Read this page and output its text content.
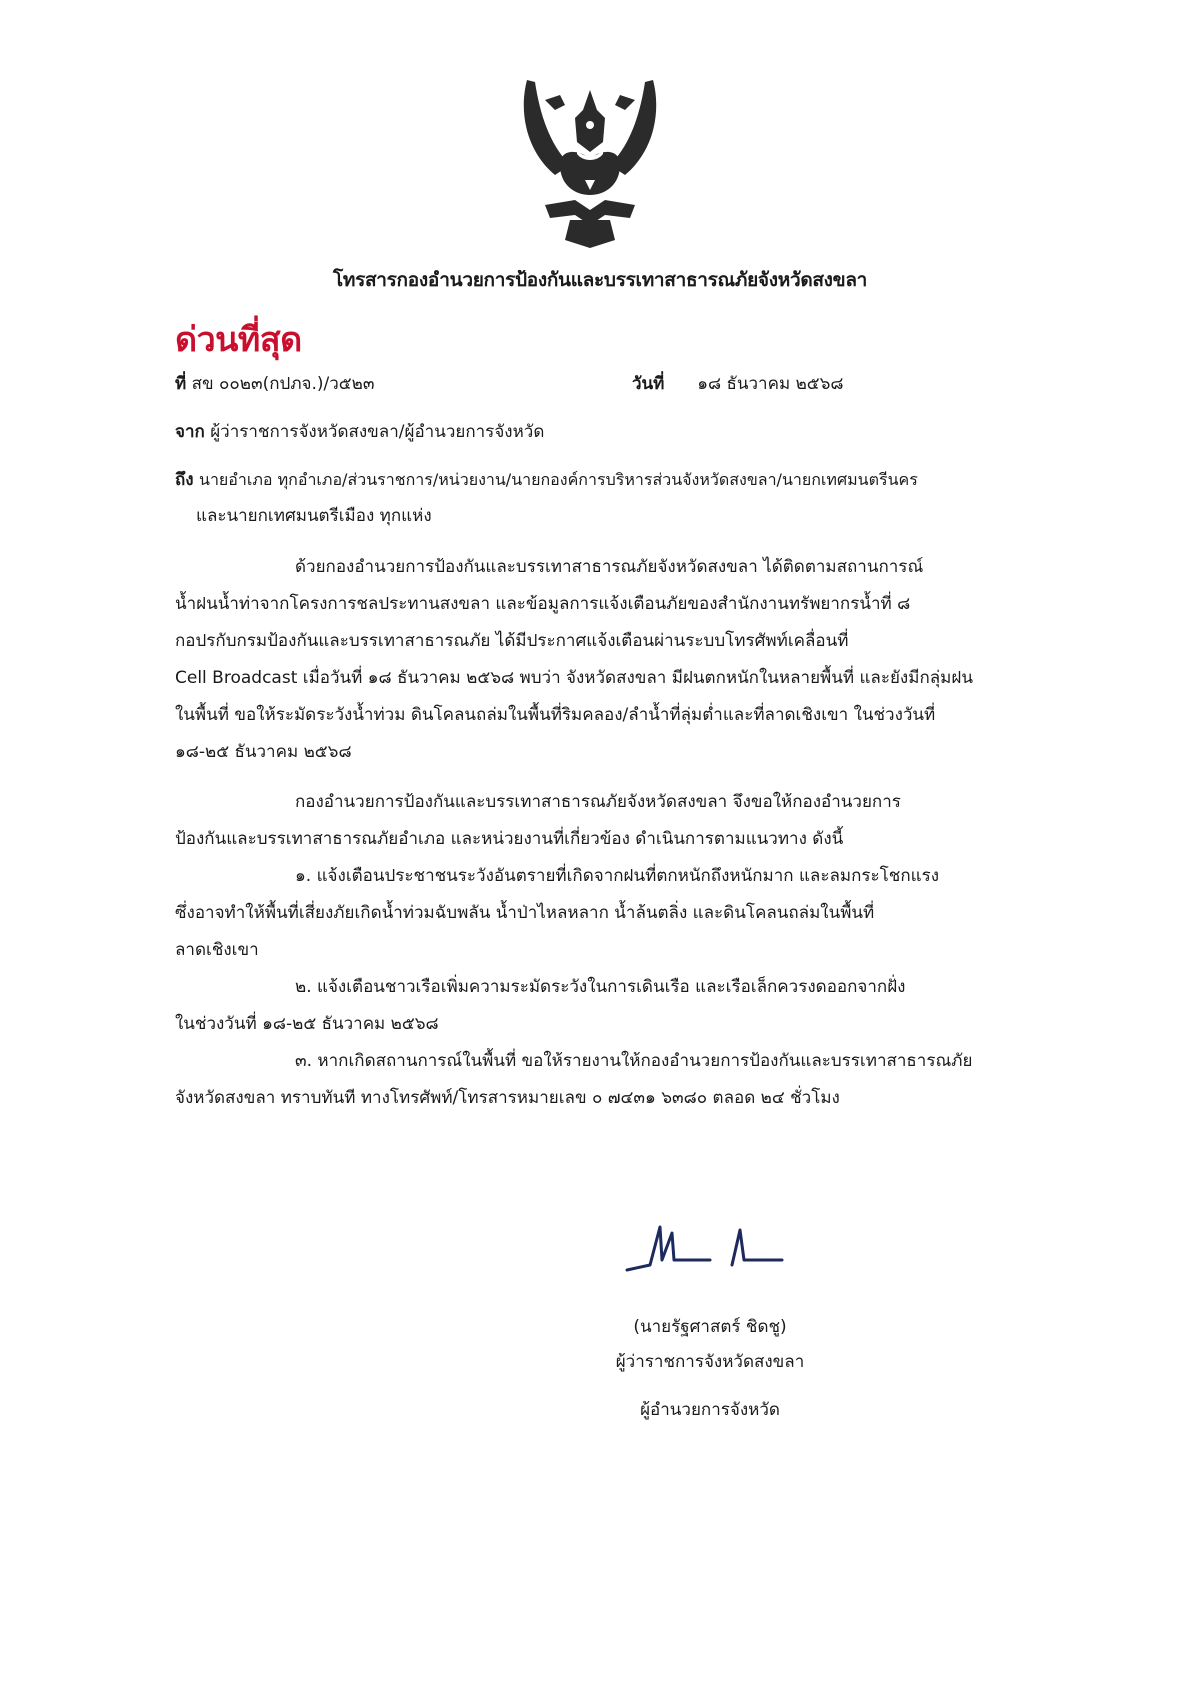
โทรสารกองอำนวยการป้องกันและบรรเทาสาธารณภัยจังหวัดสงขลา
ด่วนที่สุด
ที่ สข ๐๐๒๓(กปภจ.)/ว๕๒๓	วันที่ ๑๘ ธันวาคม ๒๕๖๘
จาก ผู้ว่าราชการจังหวัดสงขลา/ผู้อำนวยการจังหวัด
ถึง นายอำเภอ ทุกอำเภอ/ส่วนราชการ/หน่วยงาน/นายกองค์การบริหารส่วนจังหวัดสงขลา/นายกเทศมนตรีนคร
และนายกเทศมนตรีเมือง ทุกแห่ง
ด้วยกองอำนวยการป้องกันและบรรเทาสาธารณภัยจังหวัดสงขลา ได้ติดตามสถานการณ์
น้ำฝนน้ำท่าจากโครงการชลประทานสงขลา และข้อมูลการแจ้งเตือนภัยของสำนักงานทรัพยากรน้ำที่ ๘
กอปรกับกรมป้องกันและบรรเทาสาธารณภัย ได้มีประกาศแจ้งเตือนผ่านระบบโทรศัพท์เคลื่อนที่
Cell Broadcast เมื่อวันที่ ๑๘ ธันวาคม ๒๕๖๘ พบว่า จังหวัดสงขลา มีฝนตกหนักในหลายพื้นที่ และยังมีกลุ่มฝน
ในพื้นที่ ขอให้ระมัดระวังน้ำท่วม ดินโคลนถล่มในพื้นที่ริมคลอง/ลำน้ำที่ลุ่มต่ำและที่ลาดเชิงเขา ในช่วงวันที่
๑๘-๒๕ ธันวาคม ๒๕๖๘
กองอำนวยการป้องกันและบรรเทาสาธารณภัยจังหวัดสงขลา จึงขอให้กองอำนวยการ
ป้องกันและบรรเทาสาธารณภัยอำเภอ และหน่วยงานที่เกี่ยวข้อง ดำเนินการตามแนวทาง ดังนี้
๑. แจ้งเตือนประชาชนระวังอันตรายที่เกิดจากฝนที่ตกหนักถึงหนักมาก และลมกระโชกแรง
ซึ่งอาจทำให้พื้นที่เสี่ยงภัยเกิดน้ำท่วมฉับพลัน น้ำป่าไหลหลาก น้ำล้นตลิ่ง และดินโคลนถล่มในพื้นที่
ลาดเชิงเขา
๒. แจ้งเตือนชาวเรือเพิ่มความระมัดระวังในการเดินเรือ และเรือเล็กควรงดออกจากฝั่ง
ในช่วงวันที่ ๑๘-๒๕ ธันวาคม ๒๕๖๘
๓. หากเกิดสถานการณ์ในพื้นที่ ขอให้รายงานให้กองอำนวยการป้องกันและบรรเทาสาธารณภัย
จังหวัดสงขลา ทราบทันที ทางโทรศัพท์/โทรสารหมายเลข ๐ ๗๔๓๑ ๖๓๘๐ ตลอด ๒๔ ชั่วโมง
(นายรัฐศาสตร์ ชิดชู)
ผู้ว่าราชการจังหวัดสงขลา
ผู้อำนวยการจังหวัด
